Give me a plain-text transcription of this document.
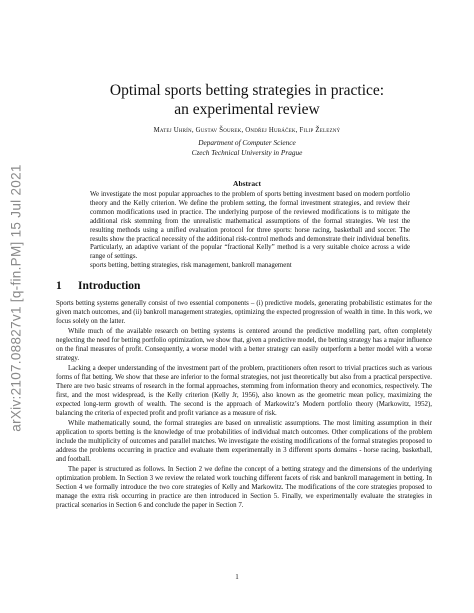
arXiv:2107.08827v1 [q-fin.PM] 15 Jul 2021
Optimal sports betting strategies in practice:
an experimental review
Matej Uhrín, Gustav Šourek, Ondřej Hubáček, Filip Železný
Department of Computer Science
Czech Technical University in Prague
Abstract
We investigate the most popular approaches to the problem of sports betting investment based on modern portfolio theory and the Kelly criterion. We define the problem setting, the formal investment strategies, and review their common modifications used in practice. The underlying purpose of the reviewed modifications is to mitigate the additional risk stemming from the unrealistic mathematical assumptions of the formal strategies. We test the resulting methods using a unified evaluation protocol for three sports: horse racing, basketball and soccer. The results show the practical necessity of the additional risk-control methods and demonstrate their individual benefits. Particularly, an adaptive variant of the popular “fractional Kelly” method is a very suitable choice across a wide range of settings.
sports betting, betting strategies, risk management, bankroll management
1 Introduction

Sports betting systems generally consist of two essential components – (i) predictive models, generating probabilistic estimates for the given match outcomes, and (ii) bankroll management strategies, optimizing the expected progression of wealth in time. In this work, we focus solely on the latter.

While much of the available research on betting systems is centered around the predictive modelling part, often completely neglecting the need for betting portfolio optimization, we show that, given a predictive model, the betting strategy has a major influence on the final measures of profit. Consequently, a worse model with a better strategy can easily outperform a better model with a worse strategy.

Lacking a deeper understanding of the investment part of the problem, practitioners often resort to trivial practices such as various forms of flat betting. We show that these are inferior to the formal strategies, not just theoretically but also from a practical perspective. There are two basic streams of research in the formal approaches, stemming from information theory and economics, respectively. The first, and the most widespread, is the Kelly criterion (Kelly Jr, 1956), also known as the geometric mean policy, maximizing the expected long-term growth of wealth. The second is the approach of Markowitz’s Modern portfolio theory (Markowitz, 1952), balancing the criteria of expected profit and profit variance as a measure of risk.

While mathematically sound, the formal strategies are based on unrealistic assumptions. The most limiting assumption in their application to sports betting is the knowledge of true probabilities of individual match outcomes. Other complications of the problem include the multiplicity of outcomes and parallel matches. We investigate the existing modifications of the formal strategies proposed to address the problems occurring in practice and evaluate them experimentally in 3 different sports domains - horse racing, basketball, and football.

The paper is structured as follows. In Section 2 we define the concept of a betting strategy and the dimensions of the underlying optimization problem. In Section 3 we review the related work touching different facets of risk and bankroll management in betting. In Section 4 we formally introduce the two core strategies of Kelly and Markowitz. The modifications of the core strategies proposed to manage the extra risk occurring in practice are then introduced in Section 5. Finally, we experimentally evaluate the strategies in practical scenarios in Section 6 and conclude the paper in Section 7.

1
